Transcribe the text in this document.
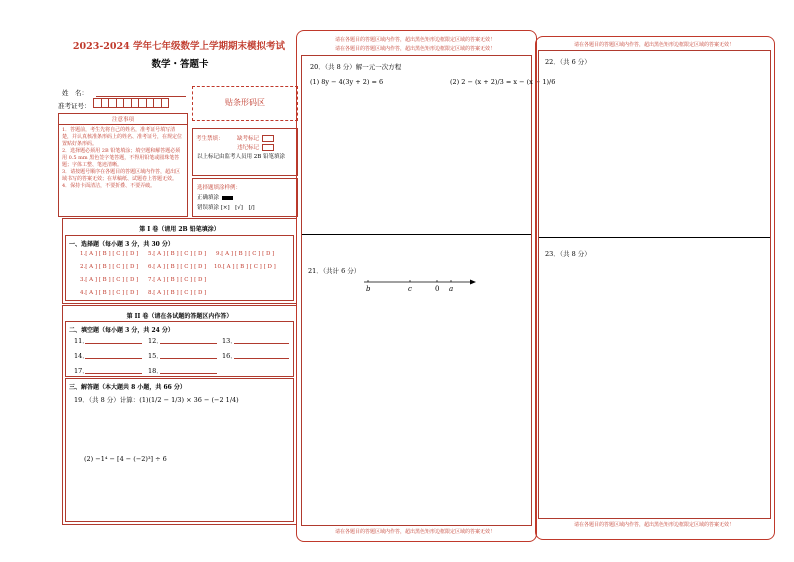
2023-2024 学年七年级数学上学期期末模拟考试
数学・答题卡
姓　名：
准考证号：	贴条形码区
注意事项
1．答题前，考生先将自己的姓名，准考证号填写清楚，并认真核准条形码上的姓名、准考证号，在规定位置贴好条形码。
2．选择题必须用 2B 铅笔填涂；填空题和解答题必须用 0.5 mm 黑色签字笔答题，不得用铅笔或圆珠笔答题；字体工整、笔迹清晰。
3．请按题号顺序在各题目的答题区域内作答，超出区域书写的答案无效；在草稿纸、试题卷上答题无效。
4．保持卡面清洁，不要折叠、不要弄破。
考生禁填： 缺考标记
违纪标记
以上标记由监考人员用 2B 铅笔填涂
选择题填涂样例：
正确填涂
错误填涂 [×]　[√]　[/]
第 I 卷（请用 2B 铅笔填涂）
一、选择题（每小题 3 分，共 30 分）
1.[ A ] [ B ] [ C ] [ D ] 5.[ A ] [ B ] [ C ] [ D ] 9.[ A ] [ B ] [ C ] [ D ]
2.[ A ] [ B ] [ C ] [ D ] 6.[ A ] [ B ] [ C ] [ D ] 10.[ A ] [ B ] [ C ] [ D ]
3.[ A ] [ B ] [ C ] [ D ] 7.[ A ] [ B ] [ C ] [ D ]
4.[ A ] [ B ] [ C ] [ D ] 8.[ A ] [ B ] [ C ] [ D ]
第 II 卷（请在各试题的答题区内作答）
二、填空题（每小题 3 分，共 24 分）
11．	12．	13．
14．	15．	16．
17．	18．
三、解答题（本大题共 8 小题，共 66 分）
19．（共 8 分）计算：(1)(1/2 − 1/3) × 36 − (−2 1/4)
(2) −1⁴ − [4 − (−2)³] ÷ 6
请在各题目的答题区域内作答，超出黑色矩形边框限定区域的答案无效！
请在各题目的答题区域内作答，超出黑色矩形边框限定区域的答案无效！
20．（共 8 分）解一元一次方程
(1) 8y − 4(3y + 2) = 6	(2) 2 − (x + 2)/3 = x − (x − 1)/6
21．（共计 6 分）
b	c	0 a
请在各题目的答题区域内作答，超出黑色矩形边框限定区域的答案无效！
请在各题目的答题区域内作答，超出黑色矩形边框限定区域的答案无效！
22．（共 6 分）
23．（共 8 分）
请在各题目的答题区域内作答，超出黑色矩形边框限定区域的答案无效！
